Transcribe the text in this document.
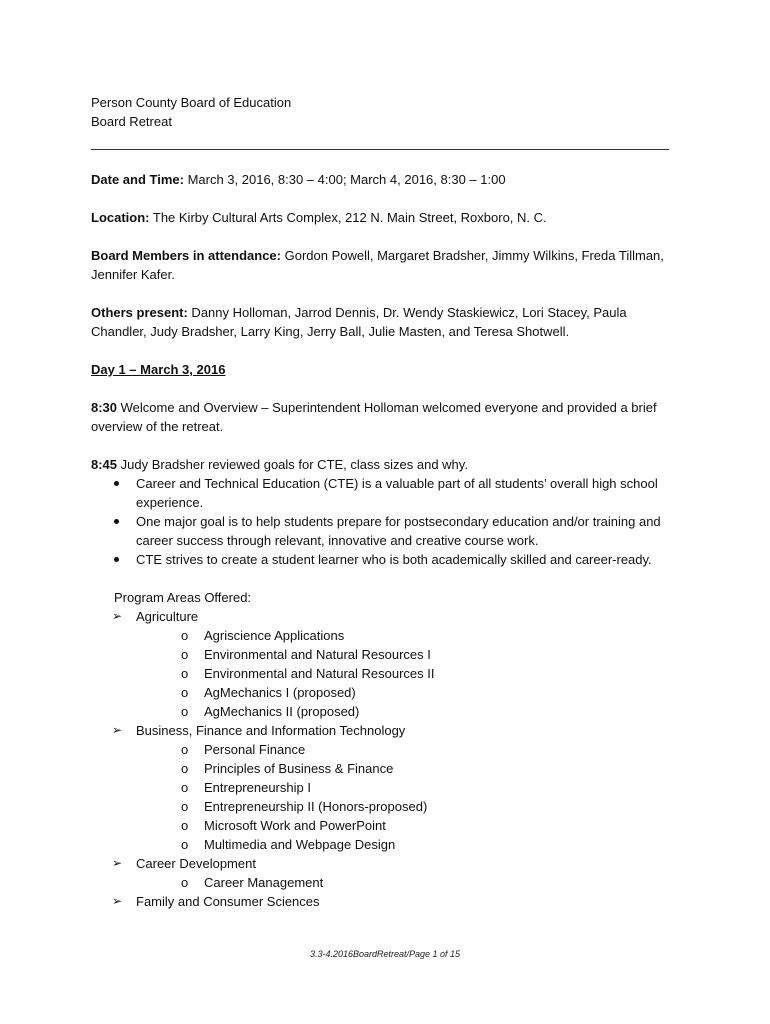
Person County Board of Education

Board Retreat

Date and Time: March 3, 2016, 8:30 – 4:00; March 4, 2016, 8:30 – 1:00

Location: The Kirby Cultural Arts Complex, 212 N. Main Street, Roxboro, N. C.

Board Members in attendance: Gordon Powell, Margaret Bradsher, Jimmy Wilkins, Freda Tillman, Jennifer Kafer.

Others present: Danny Holloman, Jarrod Dennis, Dr. Wendy Staskiewicz, Lori Stacey, Paula Chandler, Judy Bradsher, Larry King, Jerry Ball, Julie Masten, and Teresa Shotwell.

Day 1 – March 3, 2016

8:30 Welcome and Overview – Superintendent Holloman welcomed everyone and provided a brief overview of the retreat.

8:45 Judy Bradsher reviewed goals for CTE, class sizes and why.

Career and Technical Education (CTE) is a valuable part of all students’ overall high school experience.
One major goal is to help students prepare for postsecondary education and/or training and career success through relevant, innovative and creative course work.
CTE strives to create a student learner who is both academically skilled and career-ready.

Program Areas Offered:

➢ Agriculture
o Agriscience Applications
o Environmental and Natural Resources I
o Environmental and Natural Resources II
o AgMechanics I (proposed)
o AgMechanics II (proposed)
➢ Business, Finance and Information Technology
o Personal Finance
o Principles of Business & Finance
o Entrepreneurship I
o Entrepreneurship II (Honors-proposed)
o Microsoft Work and PowerPoint
o Multimedia and Webpage Design
➢ Career Development
o Career Management
➢ Family and Consumer Sciences
3.3-4.2016BoardRetreat/Page 1 of 15
